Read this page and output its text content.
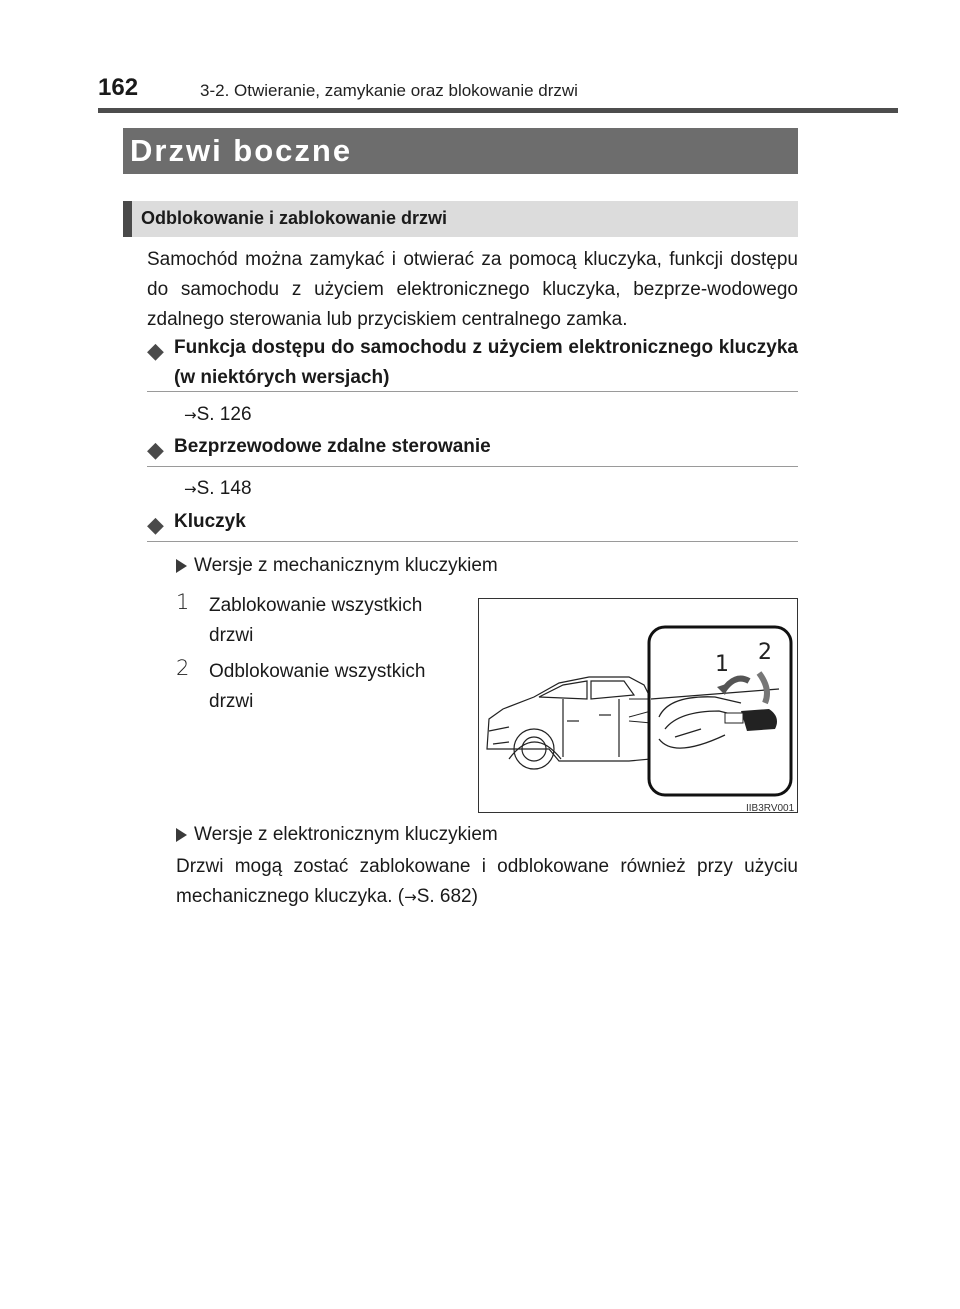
162	3-2. Otwieranie, zamykanie oraz blokowanie drzwi
Drzwi boczne
Odblokowanie i zablokowanie drzwi
Samochód można zamykać i otwierać za pomocą kluczyka, funkcji dostępu do samochodu z użyciem elektronicznego kluczyka, bezprze-wodowego zdalnego sterowania lub przyciskiem centralnego zamka.
◆ Funkcja dostępu do samochodu z użyciem elektronicznego kluczyka (w niektórych wersjach)
→S. 126
◆ Bezprzewodowe zdalne sterowanie
→S. 148
◆ Kluczyk
Wersje z mechanicznym kluczykiem
1 Zablokowanie wszystkich drzwi
2 Odblokowanie wszystkich drzwi
1 2
IIB3RV001
Wersje z elektronicznym kluczykiem
Drzwi mogą zostać zablokowane i odblokowane również przy użyciu mechanicznego kluczyka. (→S. 682)
